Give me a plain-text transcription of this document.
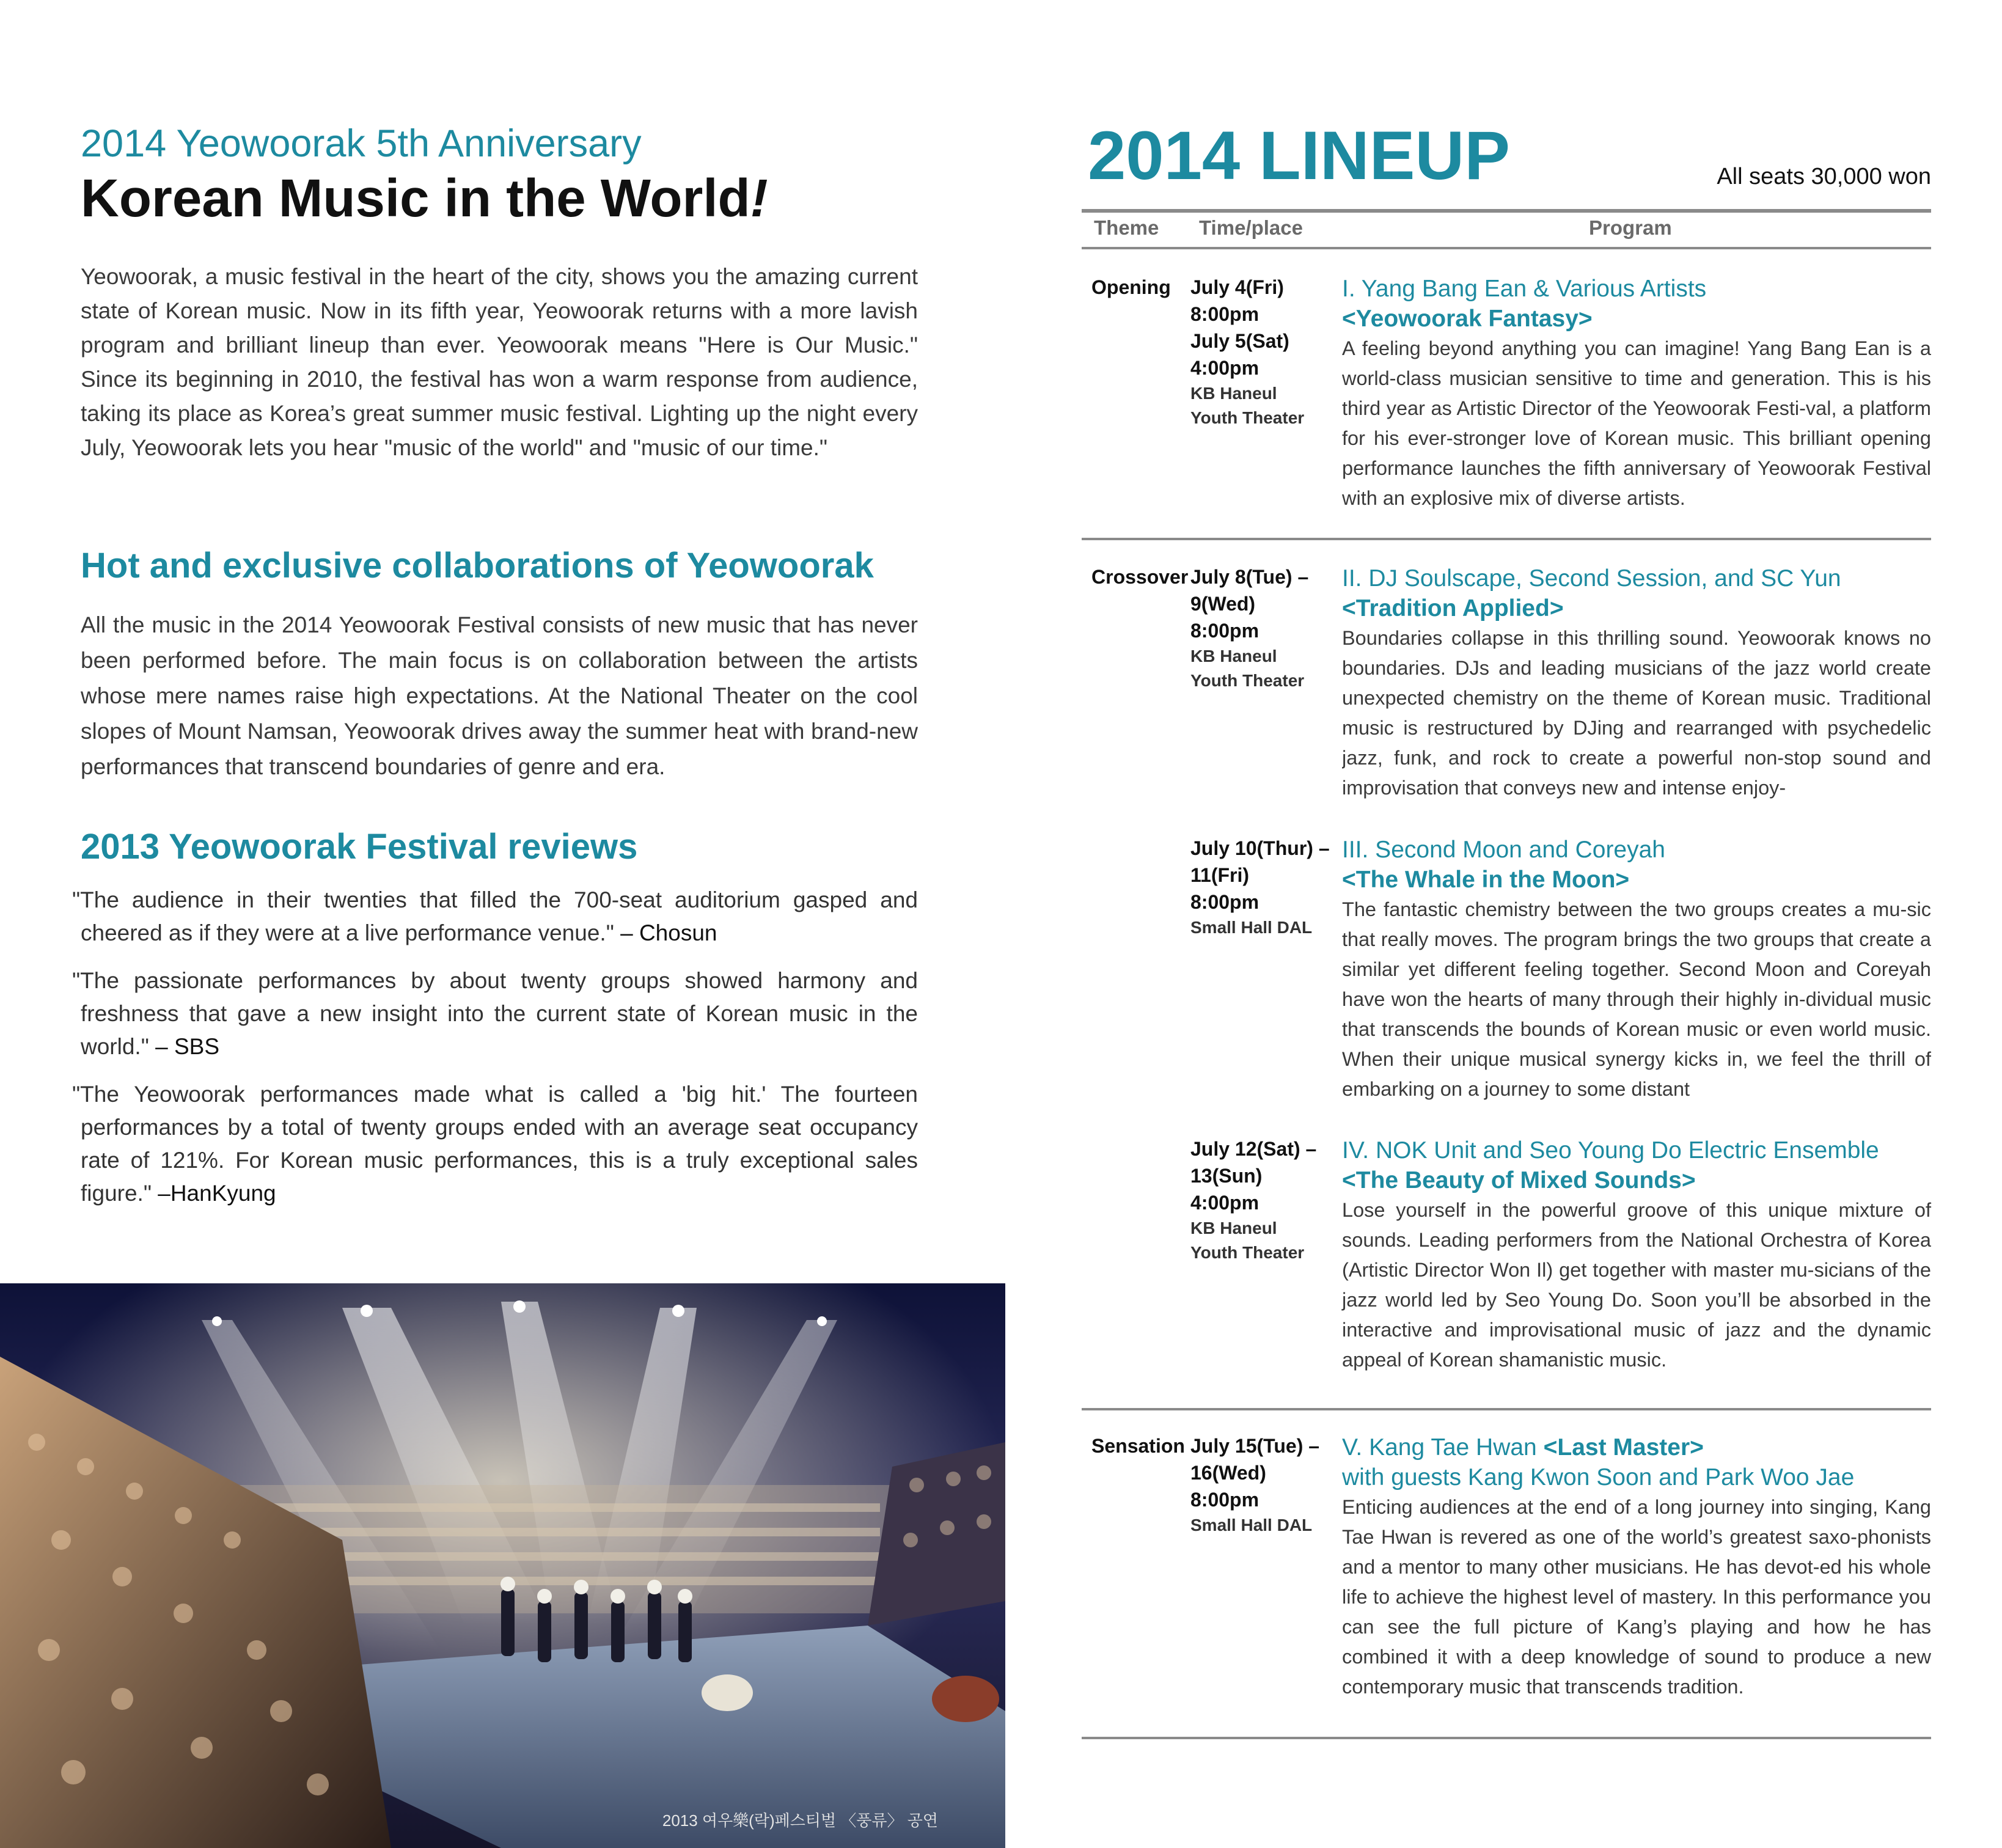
2014 Yeowoorak 5th Anniversary
Korean Music in the World!

Yeowoorak, a music festival in the heart of the city, shows you the amazing current state of Korean music. Now in its fifth year, Yeowoorak returns with a more lavish program and brilliant lineup than ever. Yeowoorak means "Here is Our Music." Since its beginning in 2010, the festival has won a warm response from audience, taking its place as Korea’s great summer music festival. Lighting up the night every July, Yeowoorak lets you hear "music of the world" and "music of our time."

Hot and exclusive collaborations of Yeowoorak

All the music in the 2014 Yeowoorak Festival consists of new music that has never been performed before. The main focus is on collaboration between the artists whose mere names raise high expectations. At the National Theater on the cool slopes of Mount Namsan, Yeowoorak drives away the summer heat with brand-new performances that transcend boundaries of genre and era.

2013 Yeowoorak Festival reviews

"The audience in their twenties that filled the 700-seat auditorium gasped and cheered as if they were at a live performance venue." – Chosun

"The passionate performances by about twenty groups showed harmony and freshness that gave a new insight into the current state of Korean music in the world." – SBS

"The Yeowoorak performances made what is called a 'big hit.' The fourteen performances by a total of twenty groups ended with an average seat occupancy rate of 121%. For Korean music performances, this is a truly exceptional sales figure." –HanKyung

2013 여우樂(락)페스티벌 〈풍류〉 공연
2014 LINEUP	All seats 30,000 won
Theme Time/place	Program
Opening July 4(Fri)
8:00pm
July 5(Sat)
4:00pm
KB Haneul
Youth Theater
I. Yang Bang Ean & Various Artists
<Yeowoorak Fantasy>

A feeling beyond anything you can imagine! Yang Bang Ean is a world-class musician sensitive to time and generation. This is his third year as Artistic Director of the Yeowoorak Festi-val, a platform for his ever-stronger love of Korean music. This brilliant opening performance launches the fifth anniversary of Yeowoorak Festival with an explosive mix of diverse artists.

Crossover July 8(Tue) –
9(Wed)
8:00pm
KB Haneul
Youth Theater
II. DJ Soulscape, Second Session, and SC Yun
<Tradition Applied>

Boundaries collapse in this thrilling sound. Yeowoorak knows no boundaries. DJs and leading musicians of the jazz world create unexpected chemistry on the theme of Korean music. Traditional music is restructured by DJing and rearranged with psychedelic jazz, funk, and rock to create a powerful non-stop sound and improvisation that conveys new and intense enjoy-

July 10(Thur) –
11(Fri)
8:00pm
Small Hall DAL
III. Second Moon and Coreyah
<The Whale in the Moon>

The fantastic chemistry between the two groups creates a mu-sic that really moves. The program brings the two groups that create a similar yet different feeling together. Second Moon and Coreyah have won the hearts of many through their highly in-dividual music that transcends the bounds of Korean music or even world music. When their unique musical synergy kicks in, we feel the thrill of embarking on a journey to some distant

July 12(Sat) –
13(Sun)
4:00pm
KB Haneul
Youth Theater
IV. NOK Unit and Seo Young Do Electric Ensemble
<The Beauty of Mixed Sounds>

Lose yourself in the powerful groove of this unique mixture of sounds. Leading performers from the National Orchestra of Korea (Artistic Director Won Il) get together with master mu-sicians of the jazz world led by Seo Young Do. Soon you’ll be absorbed in the interactive and improvisational music of jazz and the dynamic appeal of Korean shamanistic music.

Sensation July 15(Tue) –
16(Wed)
8:00pm
Small Hall DAL
V. Kang Tae Hwan <Last Master>
with guests Kang Kwon Soon and Park Woo Jae

Enticing audiences at the end of a long journey into singing, Kang Tae Hwan is revered as one of the world’s greatest saxo-phonists and a mentor to many other musicians. He has devot-ed his whole life to achieve the highest level of mastery. In this performance you can see the full picture of Kang’s playing and how he has combined it with a deep knowledge of sound to produce a new contemporary music that transcends tradition.
